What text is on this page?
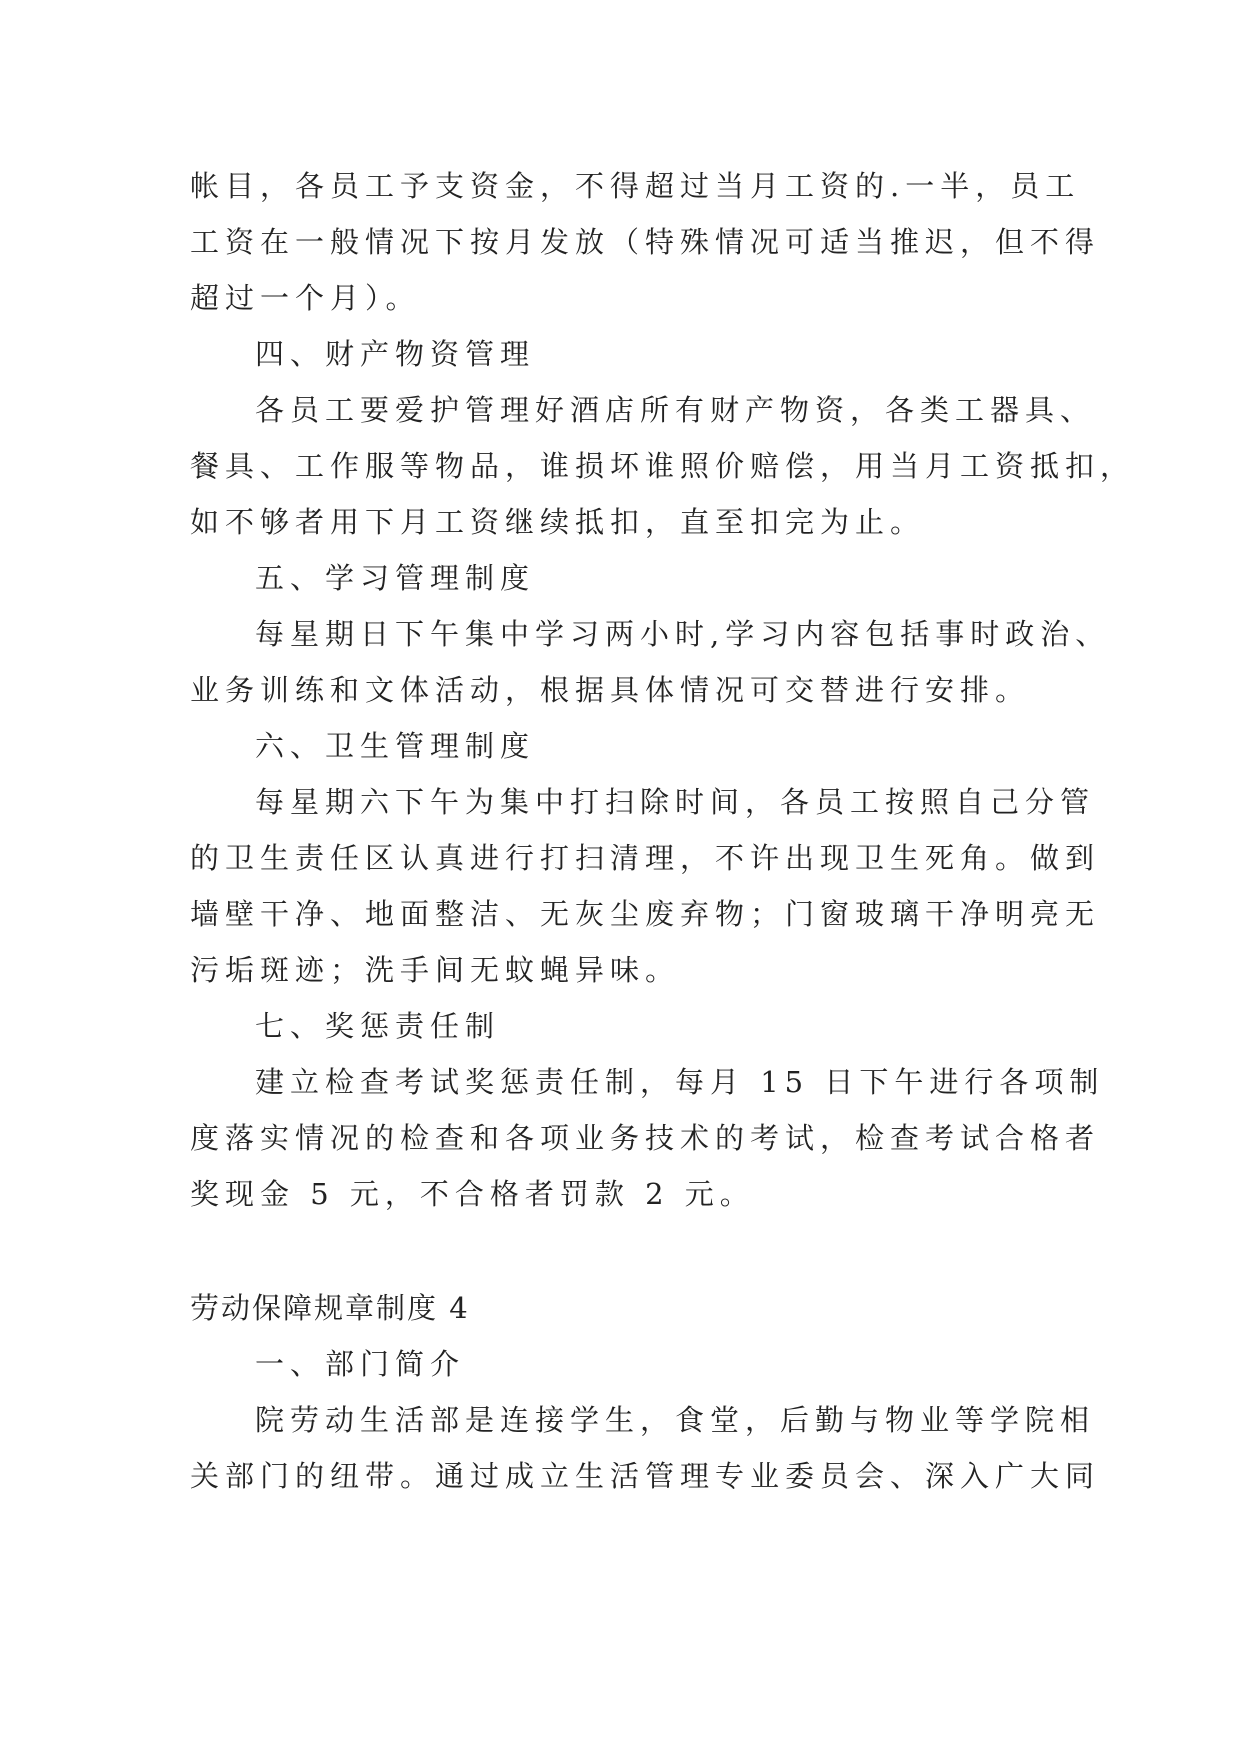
帐目，各员工予支资金，不得超过当月工资的.一半，员工
工资在一般情况下按月发放（特殊情况可适当推迟，但不得
超过一个月）。
四、财产物资管理
各员工要爱护管理好酒店所有财产物资，各类工器具、
餐具、工作服等物品，谁损坏谁照价赔偿，用当月工资抵扣，
如不够者用下月工资继续抵扣，直至扣完为止。
五、学习管理制度
每星期日下午集中学习两小时,学习内容包括事时政治、
业务训练和文体活动，根据具体情况可交替进行安排。
六、卫生管理制度
每星期六下午为集中打扫除时间，各员工按照自己分管
的卫生责任区认真进行打扫清理，不许出现卫生死角。做到
墙壁干净、地面整洁、无灰尘废弃物；门窗玻璃干净明亮无
污垢斑迹；洗手间无蚊蝇异味。
七、奖惩责任制
建立检查考试奖惩责任制，每月 15 日下午进行各项制
度落实情况的检查和各项业务技术的考试，检查考试合格者
奖现金 5 元，不合格者罚款 2 元。
劳动保障规章制度 4
一、部门简介
院劳动生活部是连接学生，食堂，后勤与物业等学院相
关部门的纽带。通过成立生活管理专业委员会、深入广大同
